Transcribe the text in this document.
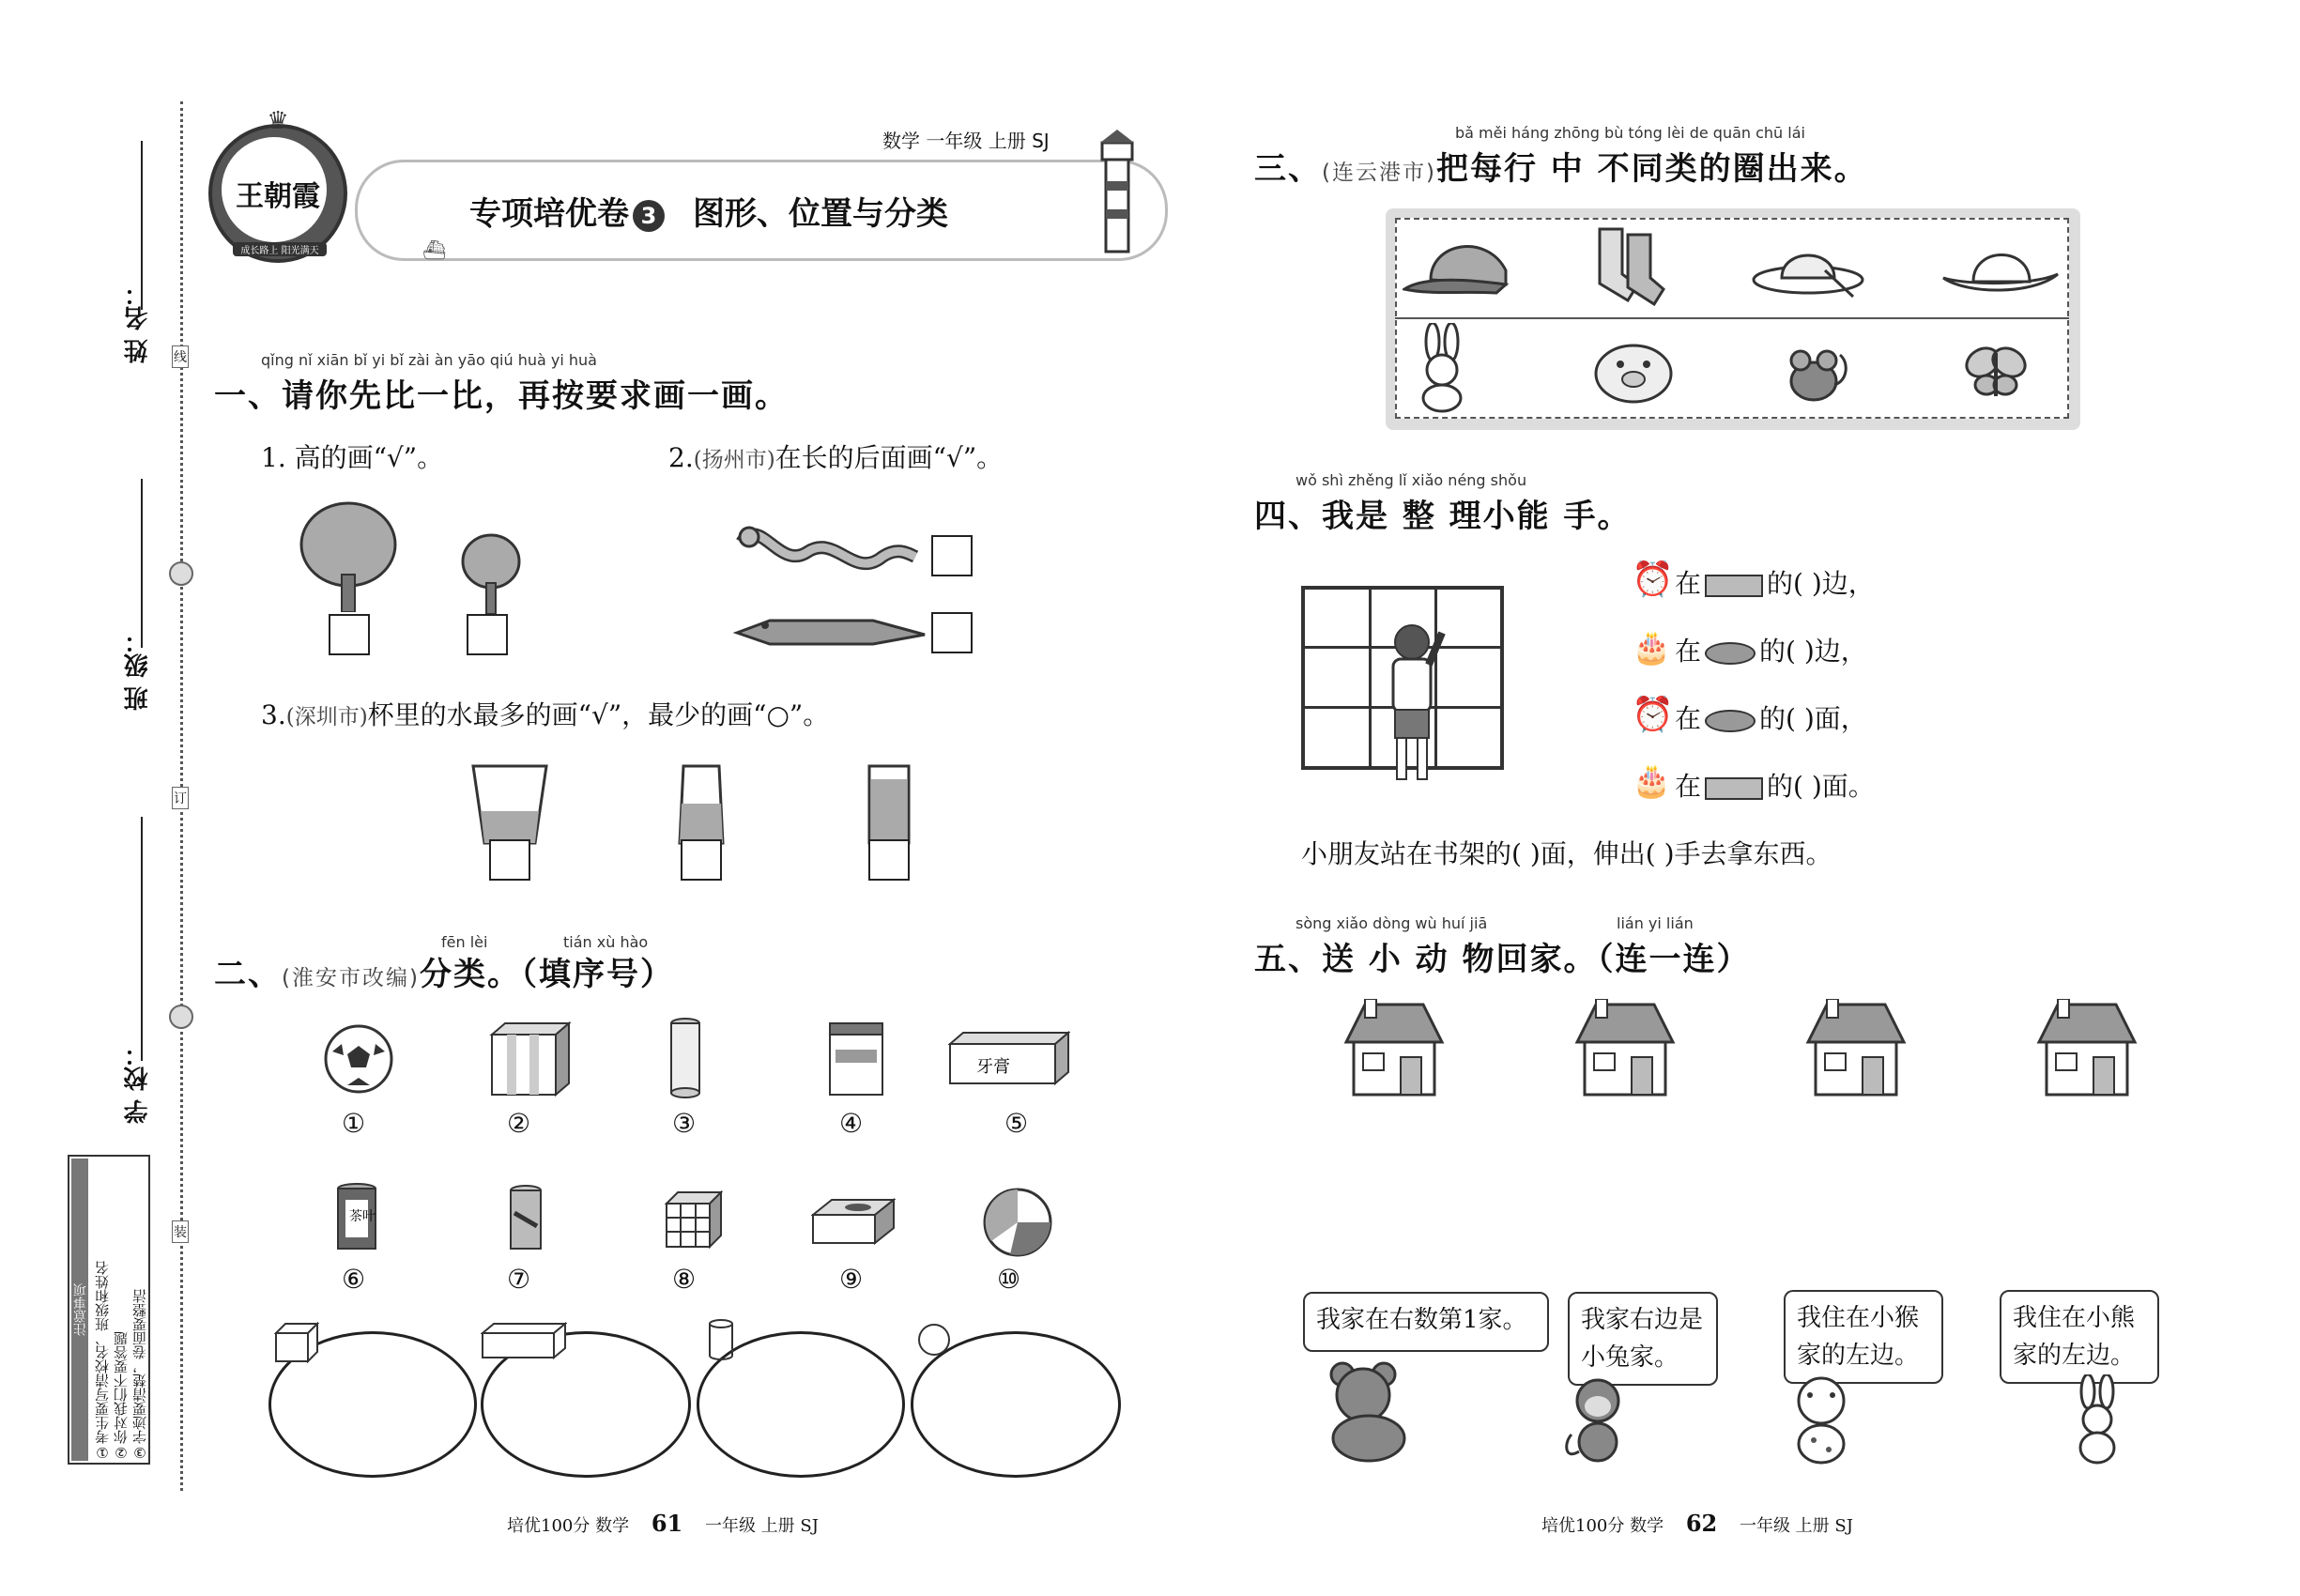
线
订
装
姓 名：
班 级：
学 校：
注意事项 ①考生要写清校名、班级和姓名 ②你对我们不要答题 ③字迹要清楚，卷面要整洁
王朝霞
成长路上 阳光满天
♛
数学 一年级 上册 SJ
专项培优卷 3 图形、位置与分类
⛴
qǐng nǐ xiān bǐ yi bǐ zài àn yāo qiú huà yi huà
一、请你先比一比，再按要求画一画。
1. 高的画“√”。	2.(扬州市)在长的后面画“√”。
3.(深圳市)杯里的水最多的画“√”，最少的画“○”。
fēn lèi	tián xù hào
二、(淮安市改编)分类。（填序号）
牙膏
①	②	③	④	⑤
茶叶
⑥	⑦	⑧	⑨	⑩
培优100分 数学 61 一年级 上册 SJ
bǎ měi háng zhōng bù tóng lèi de quān chū lái
三、(连云港市)把每行 中 不同类的圈出来。
wǒ shì zhěng lǐ xiǎo néng shǒu
四、我是 整 理小能 手。
⏰ 在	的( )边，
🎂 在 的( )边，
⏰ 在 的( )面，
🎂 在	的( )面。
小朋友站在书架的( )面，伸出( )手去拿东西。
sòng xiǎo dòng wù huí jiā	lián yi lián
五、送 小 动 物回家。（连一连）
我家在右数第1家。	我家右边是小兔家。
我住在小猴家的左边。
我住在小熊家的左边。
培优100分 数学 62 一年级 上册 SJ
